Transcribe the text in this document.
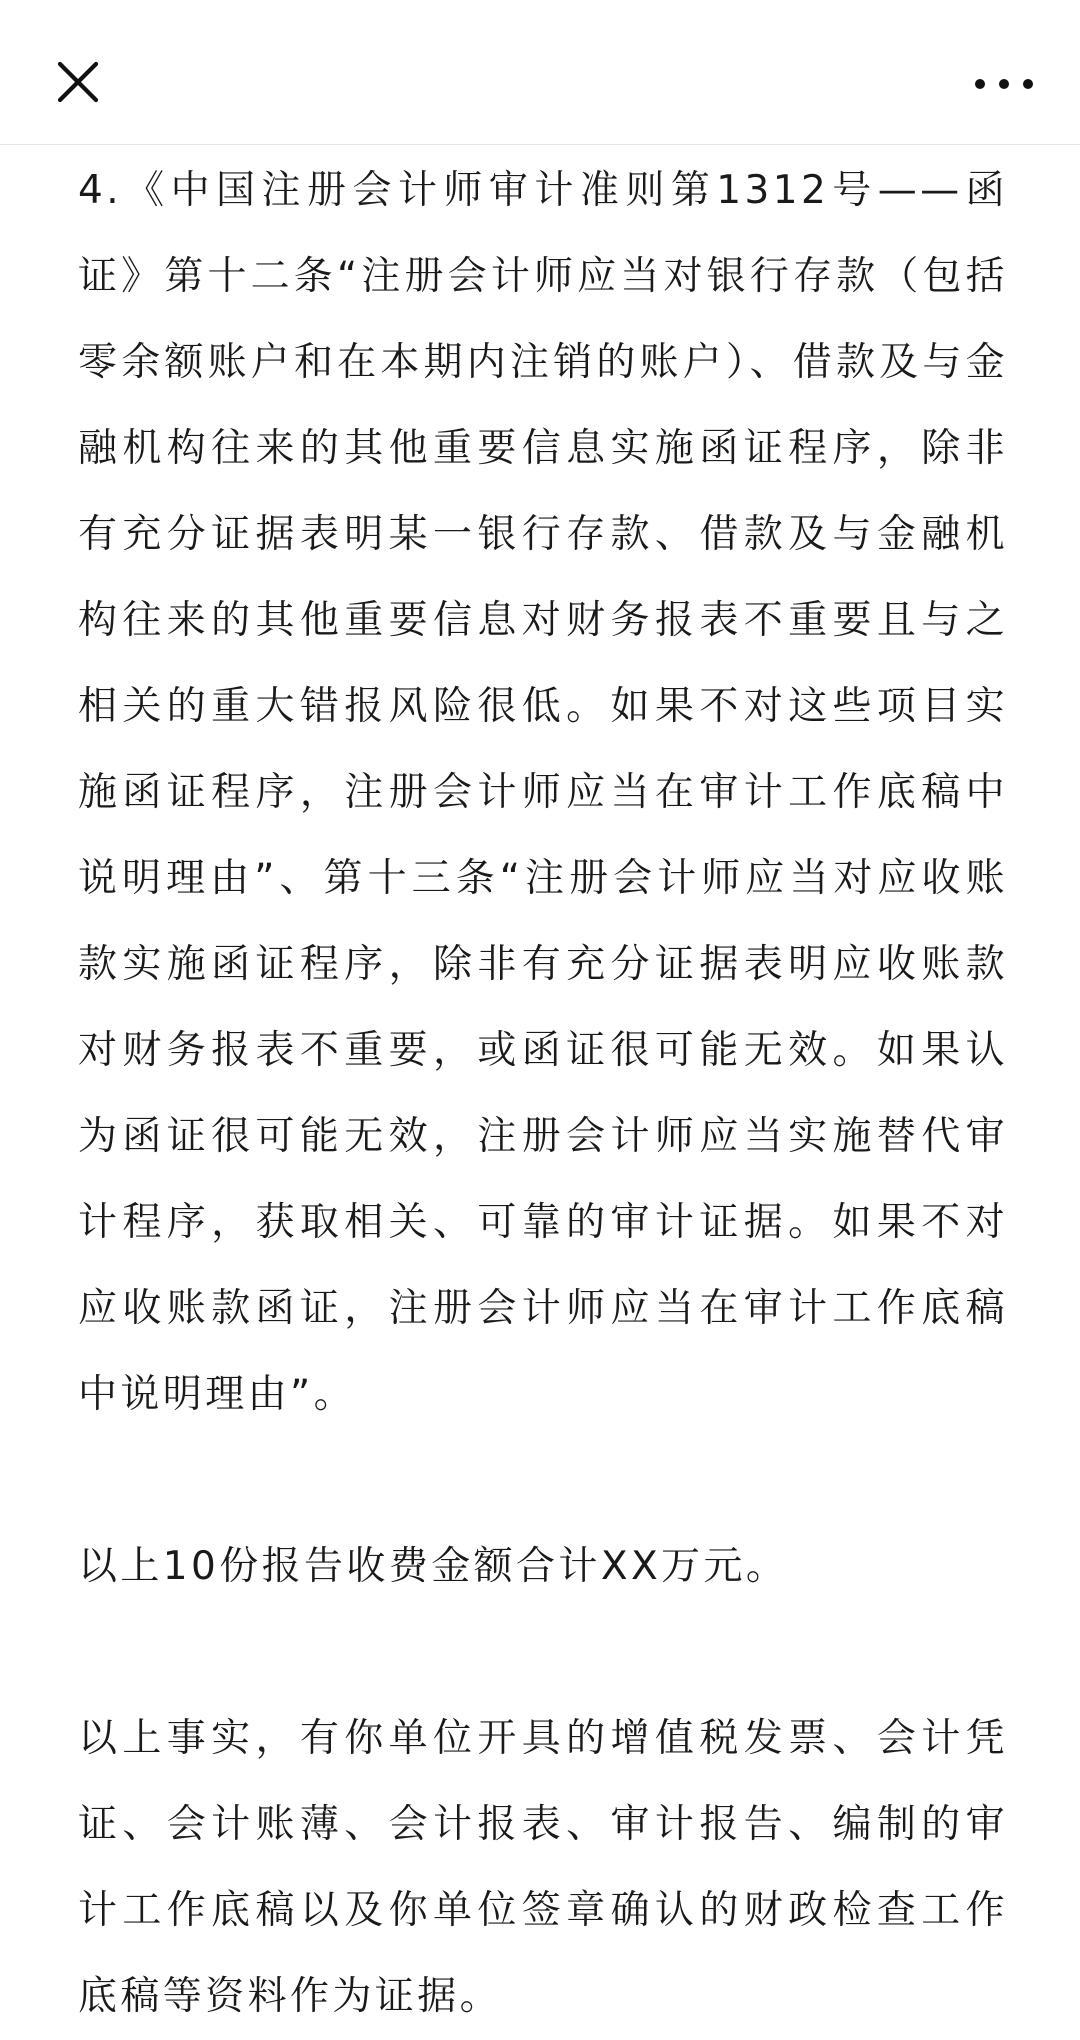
4.《中国注册会计师审计准则第1312号——函证》第十二条“注册会计师应当对银行存款（包括零余额账户和在本期内注销的账户）、借款及与金融机构往来的其他重要信息实施函证程序，除非有充分证据表明某一银行存款、借款及与金融机构往来的其他重要信息对财务报表不重要且与之相关的重大错报风险很低。如果不对这些项目实施函证程序，注册会计师应当在审计工作底稿中说明理由”、第十三条“注册会计师应当对应收账款实施函证程序，除非有充分证据表明应收账款对财务报表不重要，或函证很可能无效。如果认为函证很可能无效，注册会计师应当实施替代审计程序，获取相关、可靠的审计证据。如果不对应收账款函证，注册会计师应当在审计工作底稿中说明理由”。

以上10份报告收费金额合计XX万元。

以上事实，有你单位开具的增值税发票、会计凭证、会计账薄、会计报表、审计报告、编制的审计工作底稿以及你单位签章确认的财政检查工作底稿等资料作为证据。
